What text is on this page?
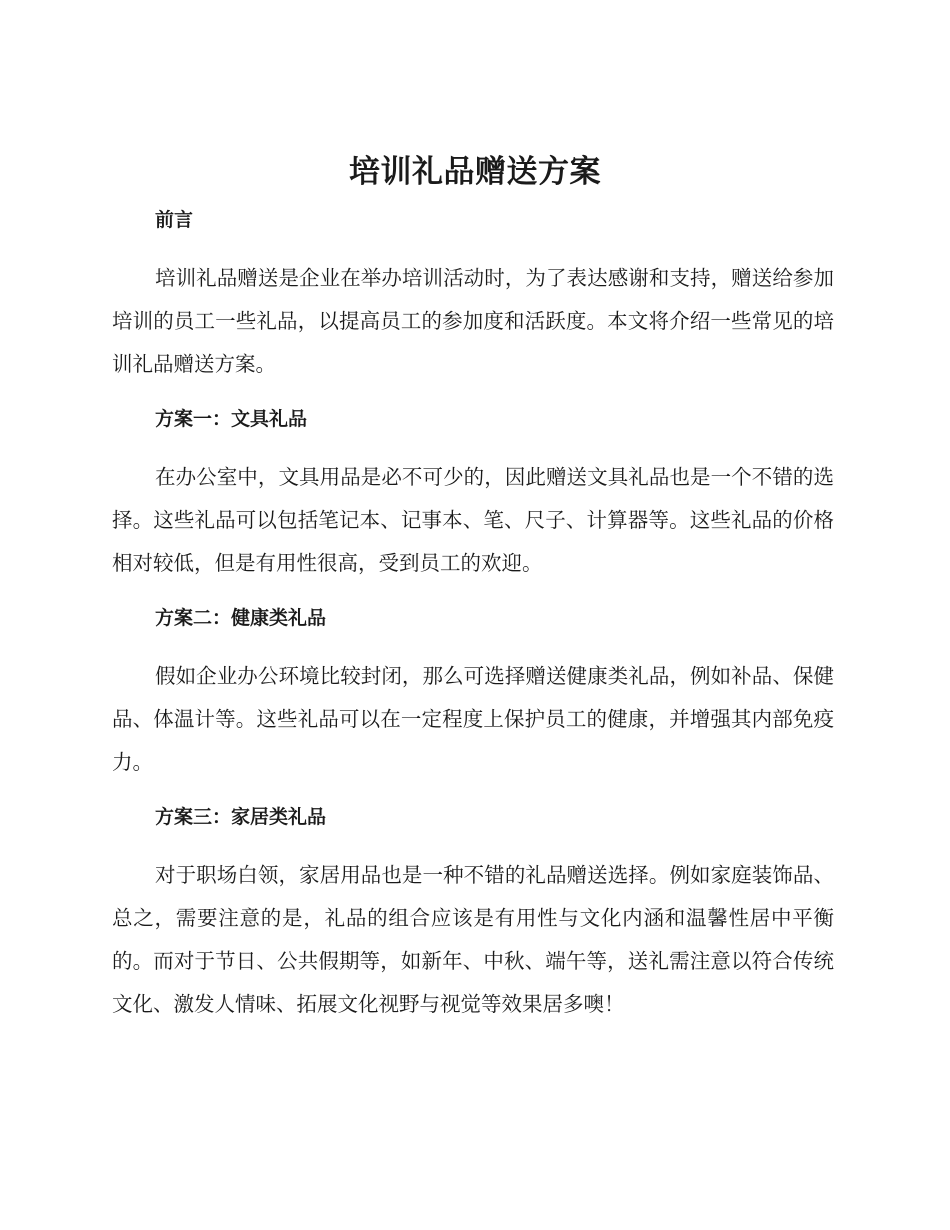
培训礼品赠送方案
前言

培训礼品赠送是企业在举办培训活动时，为了表达感谢和支持，赠送给参加培训的员工一些礼品，以提高员工的参加度和活跃度。本文将介绍一些常见的培训礼品赠送方案。

方案一：文具礼品

在办公室中，文具用品是必不可少的，因此赠送文具礼品也是一个不错的选择。这些礼品可以包括笔记本、记事本、笔、尺子、计算器等。这些礼品的价格相对较低，但是有用性很高，受到员工的欢迎。

方案二：健康类礼品

假如企业办公环境比较封闭，那么可选择赠送健康类礼品，例如补品、保健品、体温计等。这些礼品可以在一定程度上保护员工的健康，并增强其内部免疫力。

方案三：家居类礼品

对于职场白领，家居用品也是一种不错的礼品赠送选择。例如家庭装饰品、总之，需要注意的是，礼品的组合应该是有用性与文化内涵和温馨性居中平衡的。而对于节日、公共假期等，如新年、中秋、端午等，送礼需注意以符合传统文化、激发人情味、拓展文化视野与视觉等效果居多噢！
